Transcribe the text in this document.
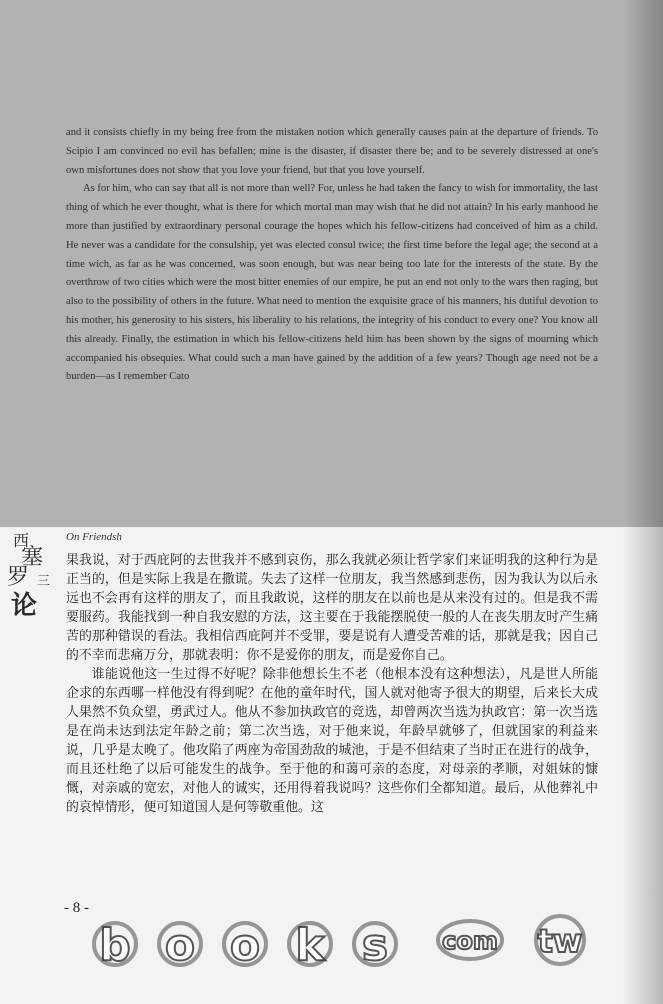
and it consists chiefly in my being free from the mistaken notion which generally causes pain at the departure of friends. To Scipio I am convinced no evil has befallen; mine is the disaster, if disaster there be; and to be severely distressed at one's own misfortunes does not show that you love your friend, but that you love yourself.

As for him, who can say that all is not more than well? For, unless he had taken the fancy to wish for immortality, the last thing of which he ever thought, what is there for which mortal man may wish that he did not attain? In his early manhood he more than justified by extraordinary personal courage the hopes which his fellow-citizens had conceived of him as a child. He never was a candidate for the consulship, yet was elected consul twice; the first time before the legal age; the second at a time wich, as far as he was concerned, was soon enough, but was near being too late for the interests of the state. By the overthrow of two cities which were the most bitter enemies of our empire, he put an end not only to the wars then raging, but also to the possibility of others in the future. What need to mention the exquisite grace of his manners, his dutiful devotion to his mother, his generosity to his sisters, his liberality to his relations, the integrity of his conduct to every one? You know all this already. Finally, the estimation in which his fellow-citizens held him has been shown by the signs of mourning which accompanied his obsequies. What could such a man have gained by the addition of a few years? Though age need not be a burden—as I remember Cato

西
塞
罗 三
论
On Friendsh

果我说，对于西庇阿的去世我并不感到哀伤，那么我就必须让哲学家们来证明我的这种行为是正当的，但是实际上我是在撒谎。失去了这样一位朋友，我当然感到悲伤，因为我认为以后永远也不会再有这样的朋友了，而且我敢说，这样的朋友在以前也是从来没有过的。但是我不需要服药。我能找到一种自我安慰的方法，这主要在于我能摆脱使一般的人在丧失朋友时产生痛苦的那种错误的看法。我相信西庇阿并不受罪，要是说有人遭受苦难的话，那就是我；因自己的不幸而悲痛万分，那就表明：你不是爱你的朋友，而是爱你自己。

谁能说他这一生过得不好呢？除非他想长生不老（他根本没有这种想法），凡是世人所能企求的东西哪一样他没有得到呢？在他的童年时代，国人就对他寄予很大的期望，后来长大成人果然不负众望，勇武过人。他从不参加执政官的竞选，却曾两次当选为执政官：第一次当选是在尚未达到法定年龄之前；第二次当选，对于他来说，年龄早就够了，但就国家的利益来说，几乎是太晚了。他攻陷了两座为帝国劲敌的城池，于是不但结束了当时正在进行的战争，而且还杜绝了以后可能发生的战争。至于他的和蔼可亲的态度，对母亲的孝顺，对姐妹的慷慨，对亲戚的宽宏，对他人的诚实，还用得着我说吗？这些你们全都知道。最后，从他葬礼中的哀悼情形，便可知道国人是何等敬重他。这

- 8 -
b o o k s com tw
